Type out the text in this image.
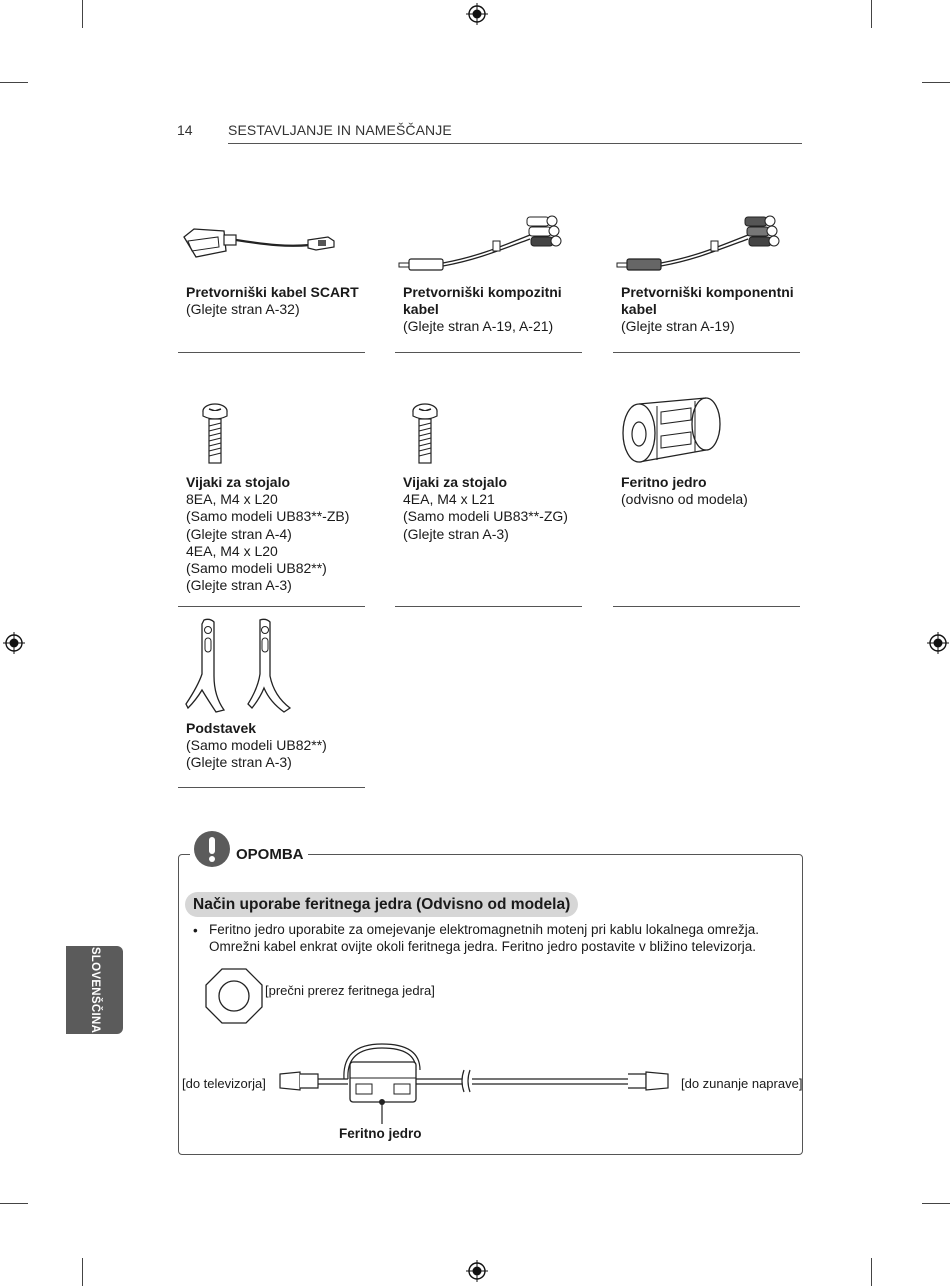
14	SESTAVLJANJE IN NAMEŠČANJE
Pretvorniški kabel SCART
(Glejte stran A-32)
Pretvorniški kompozitni
kabel
(Glejte stran A-19, A-21)
Pretvorniški komponentni
kabel
(Glejte stran A-19)
Vijaki za stojalo
8EA, M4 x L20
(Samo modeli UB83**-ZB)
(Glejte stran A-4)
4EA, M4 x L20
(Samo modeli UB82**)
(Glejte stran A-3)
Vijaki za stojalo
4EA, M4 x L21
(Samo modeli UB83**-ZG)
(Glejte stran A-3)
Feritno jedro
(odvisno od modela)
Podstavek
(Samo modeli UB82**)
(Glejte stran A-3)
SLOVENŠČINA
OPOMBA
Način uporabe feritnega jedra (Odvisno od modela)
• Feritno jedro uporabite za omejevanje elektromagnetnih motenj pri kablu lokalnega omrežja.
Omrežni kabel enkrat ovijte okoli feritnega jedra. Feritno jedro postavite v bližino televizorja.
[prečni prerez feritnega jedra]
[do televizorja]	[do zunanje naprave]
Feritno jedro
